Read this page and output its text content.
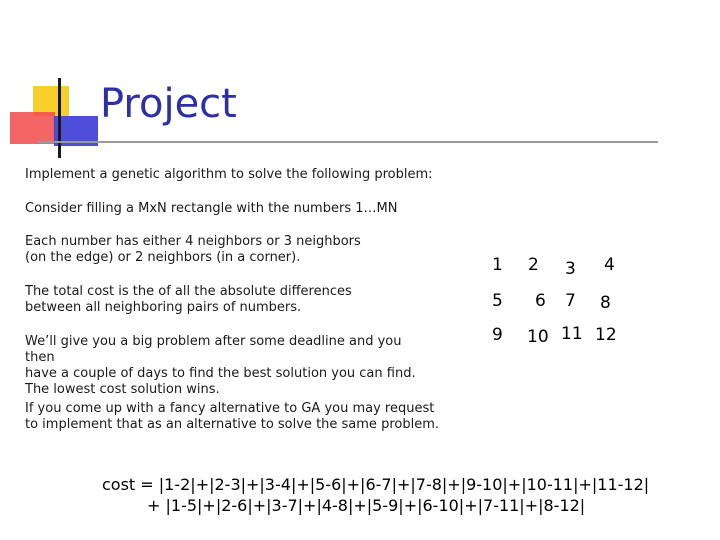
Project
Implement a genetic algorithm to solve the following problem:
Consider filling a MxN rectangle with the numbers 1…MN
Each number has either 4 neighbors or 3 neighbors
(on the edge) or 2 neighbors (in a corner).
The total cost is the of all the absolute differences
between all neighboring pairs of numbers.
We’ll give you a big problem after some deadline and you then
have a couple of days to find the best solution you can find.
The lowest cost solution wins.
If you come up with a fancy alternative to GA you may request
to implement that as an alternative to solve the same problem.
1	2	3	4
5	6	7	8
9	10 11 12
cost = |1-2|+|2-3|+|3-4|+|5-6|+|6-7|+|7-8|+|9-10|+|10-11|+|11-12|
+ |1-5|+|2-6|+|3-7|+|4-8|+|5-9|+|6-10|+|7-11|+|8-12|
